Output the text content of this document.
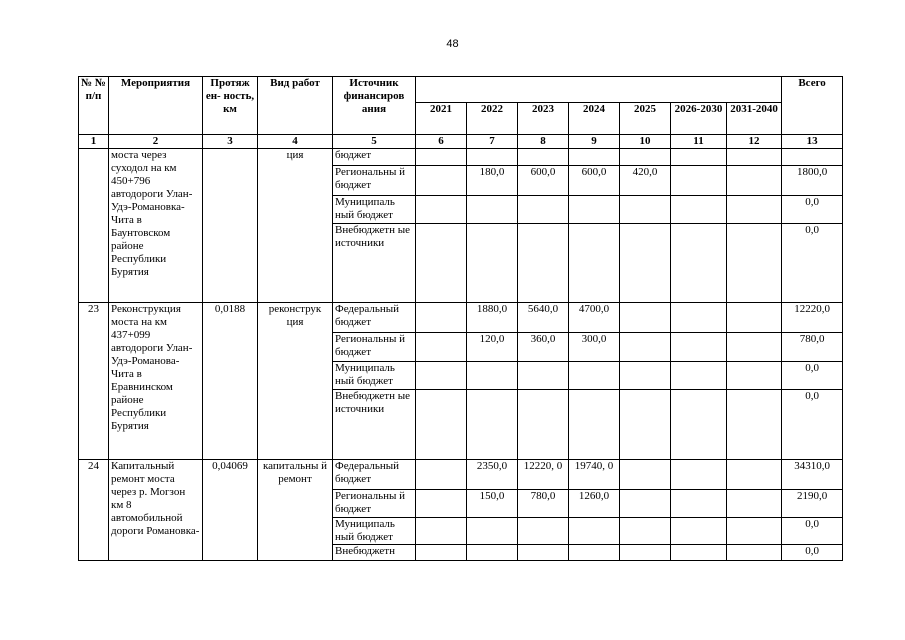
48
№ № п/п	Мероприятия	Протяж ен- ность, км	Вид работ	Источник финансиров ания								Всего
					2021	2022	2023	2024	2025	2026-2030	2031-2040	
1	2	3	4	5	6	7	8	9	10	11	12	13
	моста через суходол на км 450+796 автодороги Улан-Удэ-Романовка-Чита в Баунтовском районе Республики Бурятия		ция	бюджет								
				Региональны й бюджет		180,0	600,0	600,0	420,0			1800,0
				Муниципаль ный бюджет								0,0
				Внебюджетн ые источники								0,0
23	Реконструкция моста на км 437+099 автодороги Улан-Удэ-Романова-Чита в Еравнинском районе Республики Бурятия	0,0188	реконструк ция	Федеральный бюджет		1880,0	5640,0	4700,0				12220,0
				Региональны й бюджет		120,0	360,0	300,0				780,0
				Муниципаль ный бюджет								0,0
				Внебюджетн ые источники								0,0
24	Капитальный ремонт моста через р. Могзон км 8 автомобильной дороги Романовка-	0,04069	капитальны й ремонт	Федеральный бюджет		2350,0	12220, 0	19740, 0				34310,0
				Региональны й бюджет		150,0	780,0	1260,0				2190,0
				Муниципаль ный бюджет								0,0
				Внебюджетн								0,0
